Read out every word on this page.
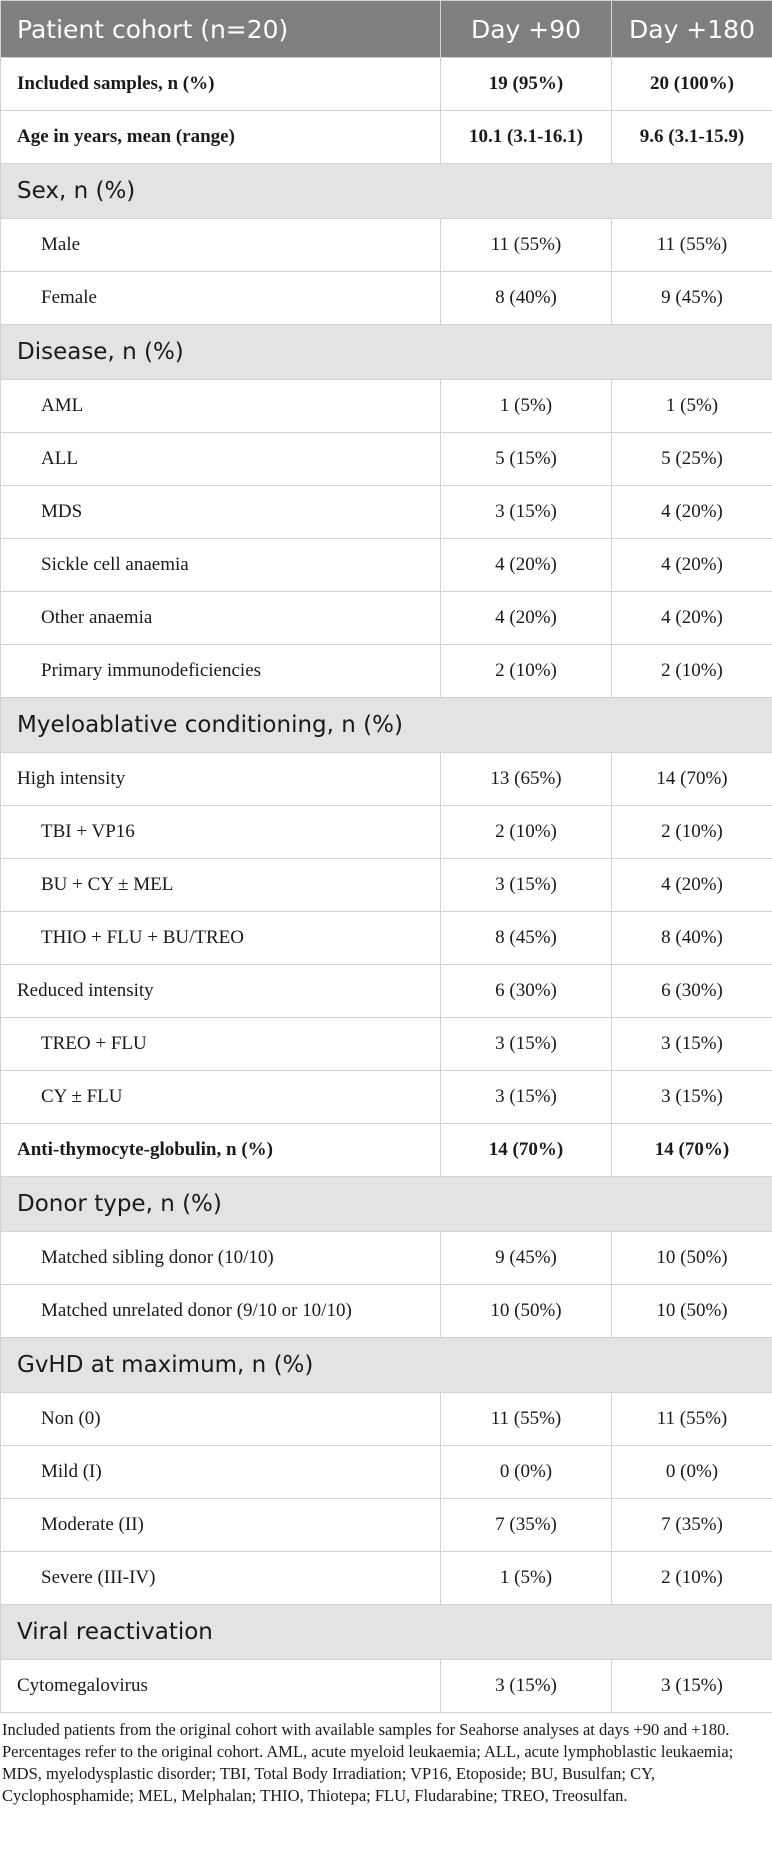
Patient cohort (n=20)	Day +90	Day +180
Included samples, n (%)	19 (95%)	20 (100%)
Age in years, mean (range)	10.1 (3.1-16.1)	9.6 (3.1-15.9)
Sex, n (%)		
Male	11 (55%)	11 (55%)
Female	8 (40%)	9 (45%)
Disease, n (%)		
AML	1 (5%)	1 (5%)
ALL	5 (15%)	5 (25%)
MDS	3 (15%)	4 (20%)
Sickle cell anaemia	4 (20%)	4 (20%)
Other anaemia	4 (20%)	4 (20%)
Primary immunodeficiencies	2 (10%)	2 (10%)
Myeloablative conditioning, n (%)		
High intensity	13 (65%)	14 (70%)
TBI + VP16	2 (10%)	2 (10%)
BU + CY ± MEL	3 (15%)	4 (20%)
THIO + FLU + BU/TREO	8 (45%)	8 (40%)
Reduced intensity	6 (30%)	6 (30%)
TREO + FLU	3 (15%)	3 (15%)
CY ± FLU	3 (15%)	3 (15%)
Anti-thymocyte-globulin, n (%)	14 (70%)	14 (70%)
Donor type, n (%)		
Matched sibling donor (10/10)	9 (45%)	10 (50%)
Matched unrelated donor (9/10 or 10/10)	10 (50%)	10 (50%)
GvHD at maximum, n (%)		
Non (0)	11 (55%)	11 (55%)
Mild (I)	0 (0%)	0 (0%)
Moderate (II)	7 (35%)	7 (35%)
Severe (III-IV)	1 (5%)	2 (10%)
Viral reactivation		
Cytomegalovirus	3 (15%)	3 (15%)
Included patients from the original cohort with available samples for Seahorse analyses at days +90 and +180. Percentages refer to the original cohort. AML, acute myeloid leukaemia; ALL, acute lymphoblastic leukaemia; MDS, myelodysplastic disorder; TBI, Total Body Irradiation; VP16, Etoposide; BU, Busulfan; CY, Cyclophosphamide; MEL, Melphalan; THIO, Thiotepa; FLU, Fludarabine; TREO, Treosulfan.
